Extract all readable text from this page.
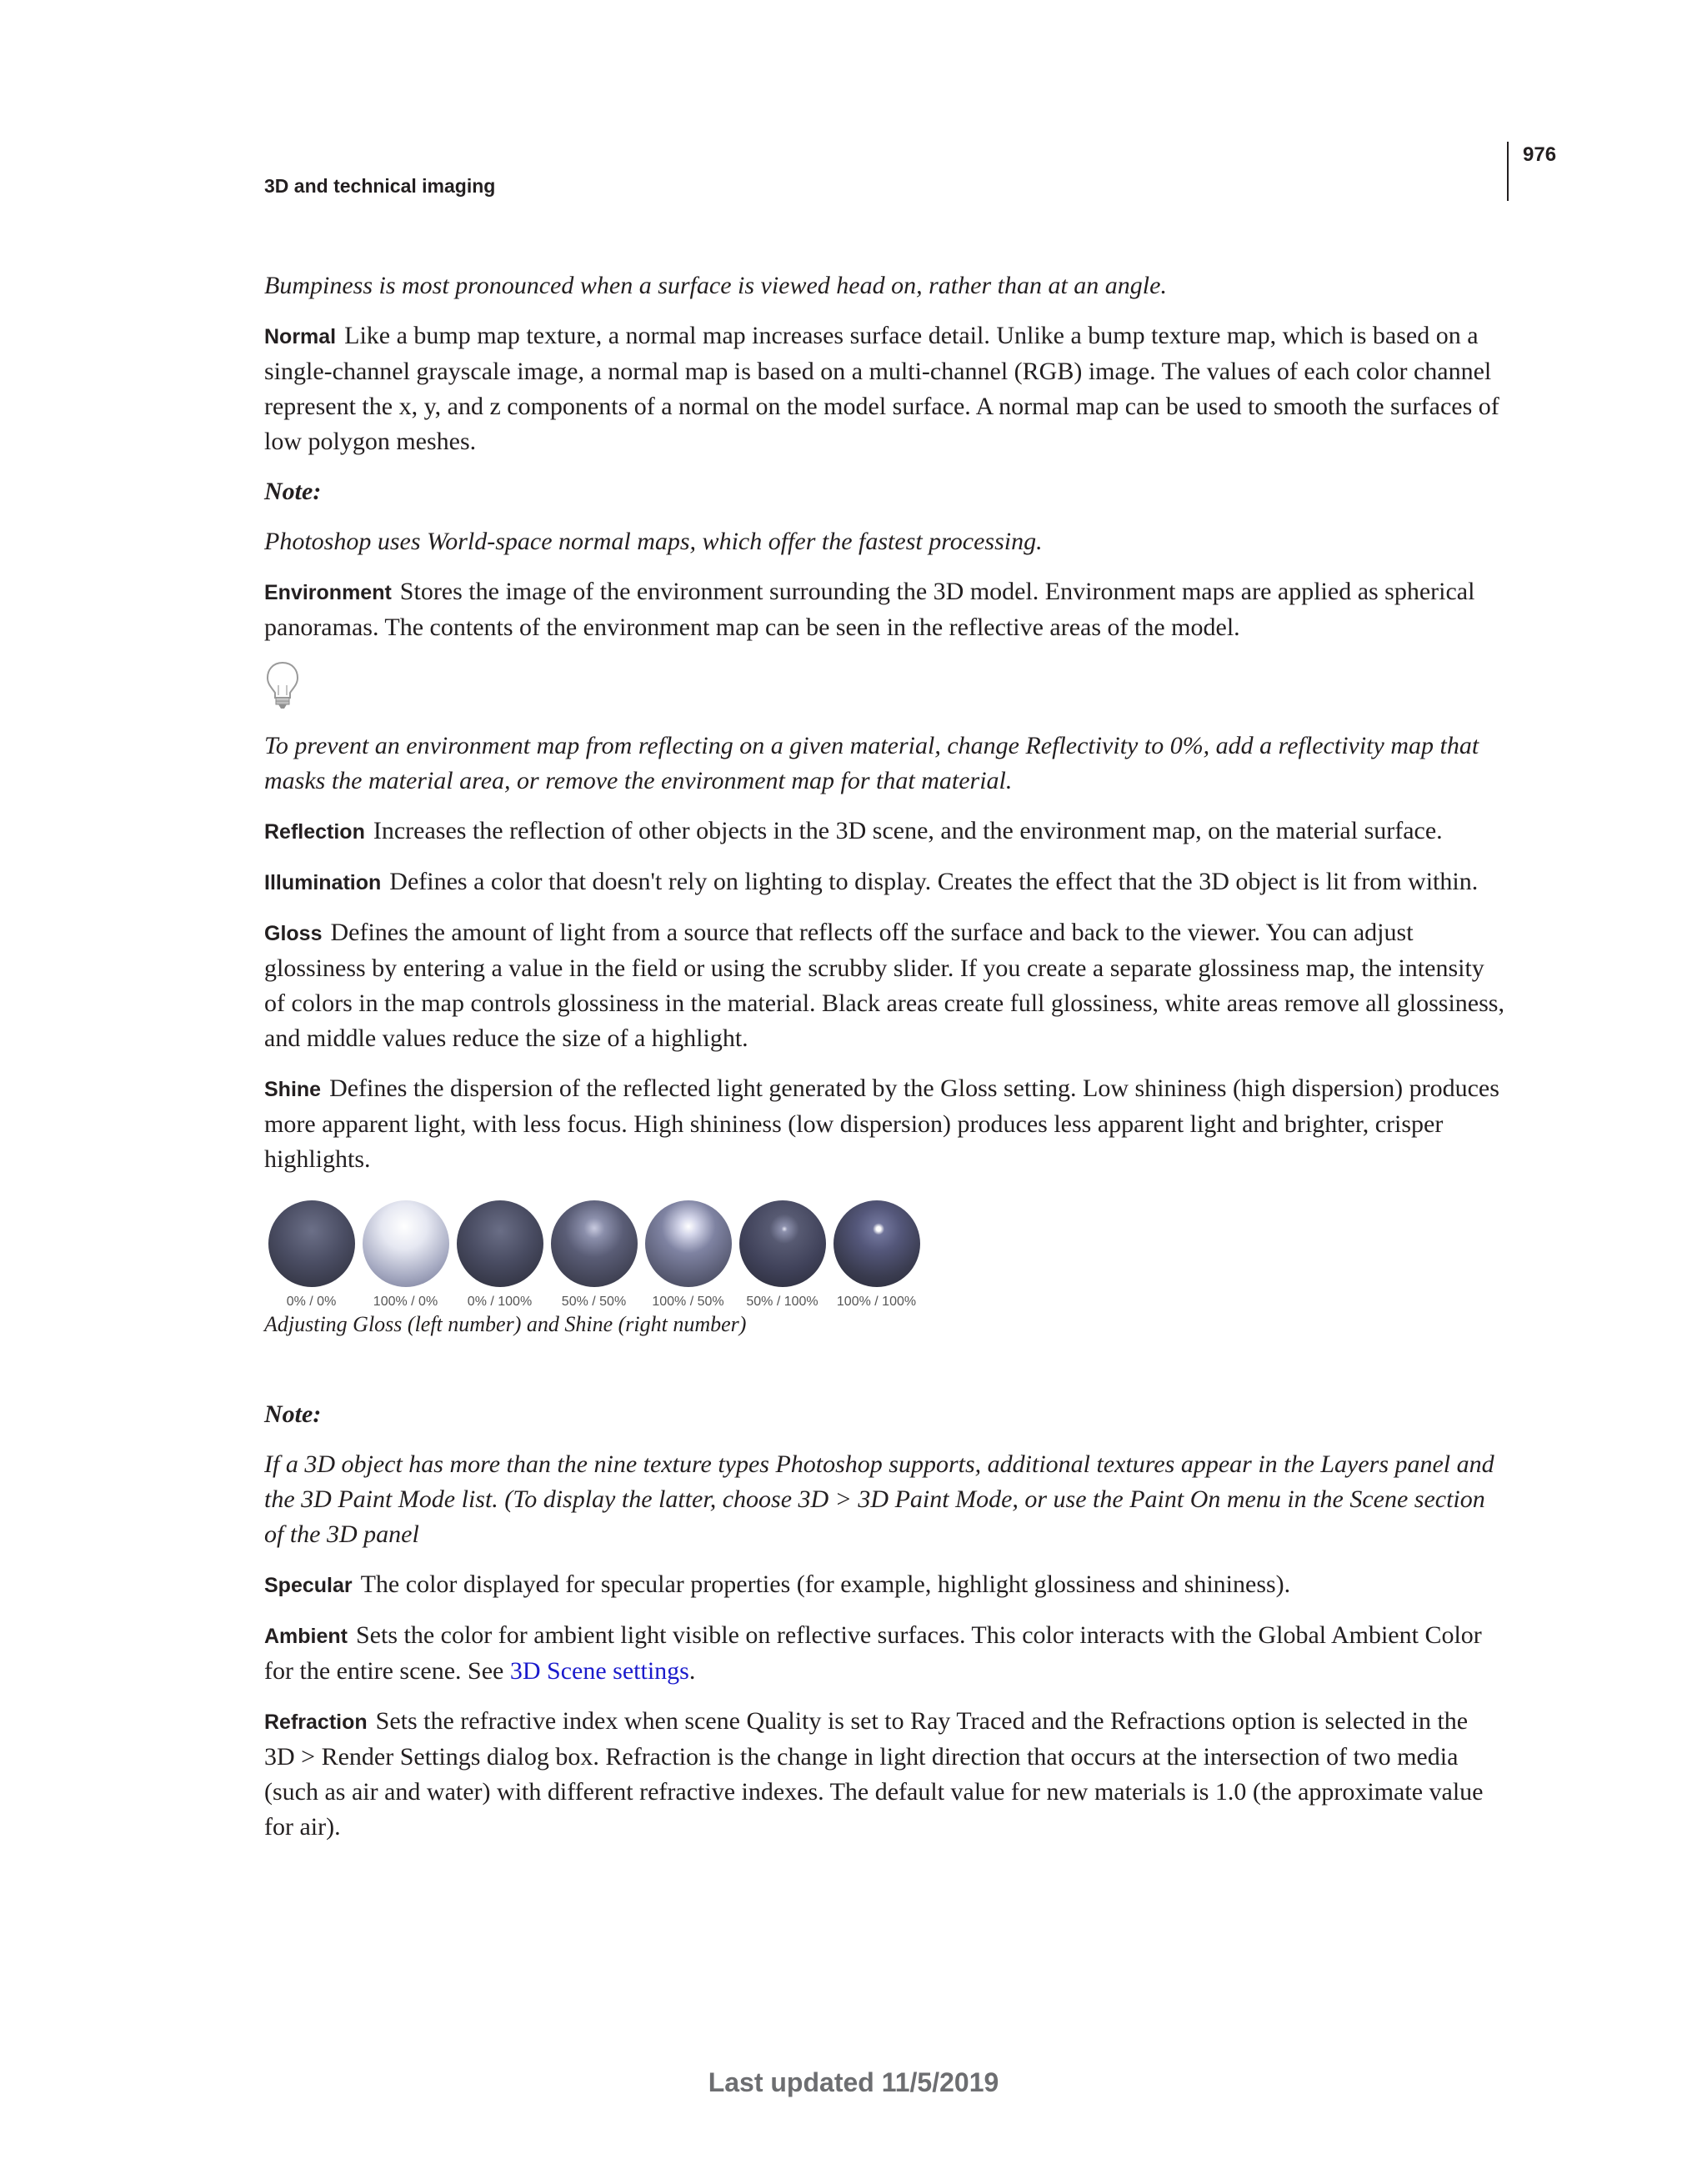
976
3D and technical imaging

Bumpiness is most pronounced when a surface is viewed head on, rather than at an angle.

Normal Like a bump map texture, a normal map increases surface detail. Unlike a bump texture map, which is based on a single-channel grayscale image, a normal map is based on a multi-channel (RGB) image. The values of each color channel represent the x, y, and z components of a normal on the model surface. A normal map can be used to smooth the surfaces of low polygon meshes.

Note:

Photoshop uses World-space normal maps, which offer the fastest processing.

Environment Stores the image of the environment surrounding the 3D model. Environment maps are applied as spherical panoramas. The contents of the environment map can be seen in the reflective areas of the model.

To prevent an environment map from reflecting on a given material, change Reflectivity to 0%, add a reflectivity map that masks the material area, or remove the environment map for that material.

Reflection Increases the reflection of other objects in the 3D scene, and the environment map, on the material surface.

Illumination Defines a color that doesn't rely on lighting to display. Creates the effect that the 3D object is lit from within.

Gloss Defines the amount of light from a source that reflects off the surface and back to the viewer. You can adjust glossiness by entering a value in the field or using the scrubby slider. If you create a separate glossiness map, the intensity of colors in the map controls glossiness in the material. Black areas create full glossiness, white areas remove all glossiness, and middle values reduce the size of a highlight.

Shine Defines the dispersion of the reflected light generated by the Gloss setting. Low shininess (high dispersion) produces more apparent light, with less focus. High shininess (low dispersion) produces less apparent light and brighter, crisper highlights.

0% / 0%	100% / 0% 0% / 100% 50% / 50% 100% / 50% 50% / 100% 100% / 100%

Adjusting Gloss (left number) and Shine (right number)

Note:

If a 3D object has more than the nine texture types Photoshop supports, additional textures appear in the Layers panel and the 3D Paint Mode list. (To display the latter, choose 3D > 3D Paint Mode, or use the Paint On menu in the Scene section of the 3D panel

Specular The color displayed for specular properties (for example, highlight glossiness and shininess).

Ambient Sets the color for ambient light visible on reflective surfaces. This color interacts with the Global Ambient Color for the entire scene. See 3D Scene settings.

Refraction Sets the refractive index when scene Quality is set to Ray Traced and the Refractions option is selected in the 3D > Render Settings dialog box. Refraction is the change in light direction that occurs at the intersection of two media (such as air and water) with different refractive indexes. The default value for new materials is 1.0 (the approximate value for air).

Last updated 11/5/2019
